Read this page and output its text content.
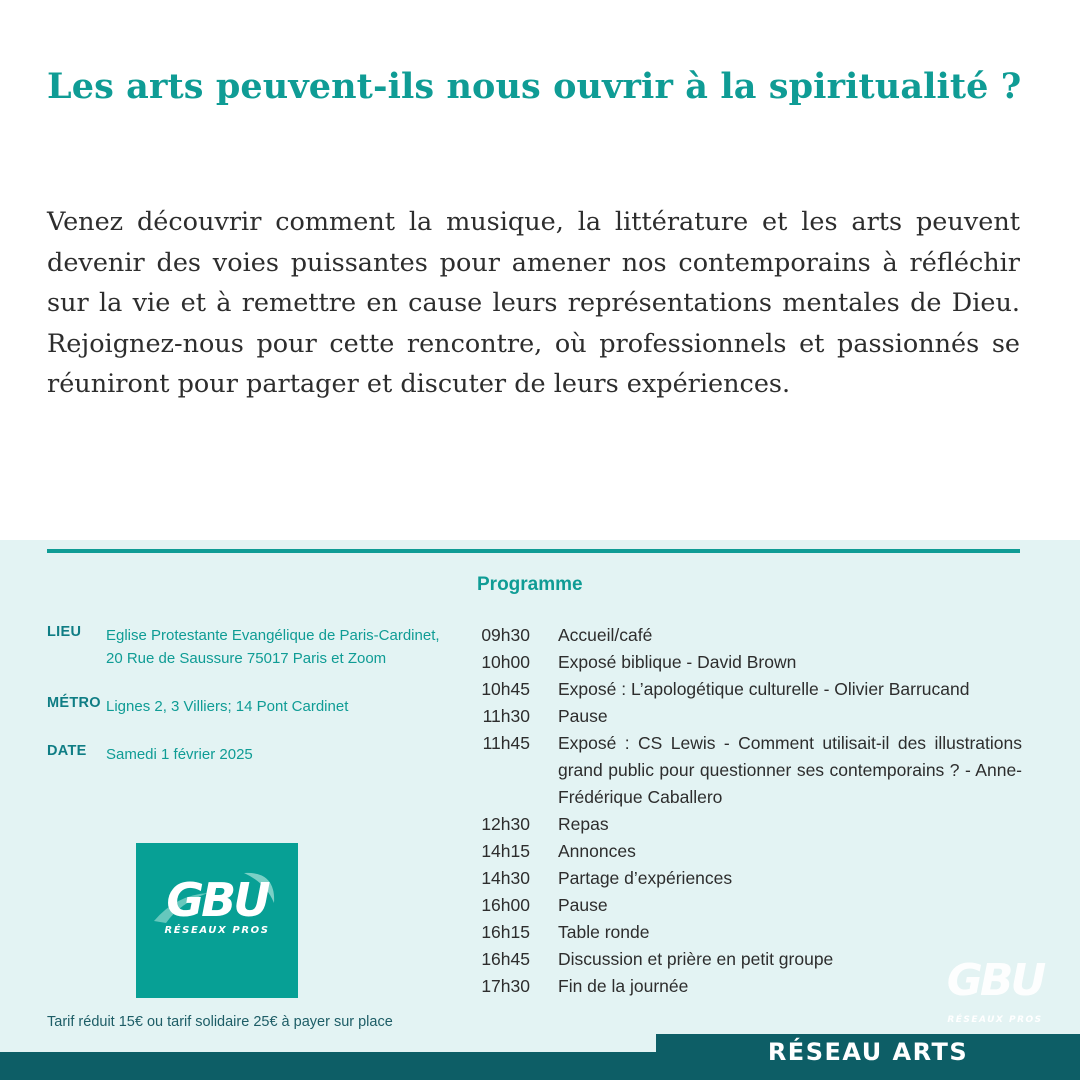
Les arts peuvent-ils nous ouvrir à la spiritualité ?

Venez découvrir comment la musique, la littérature et les arts peuvent devenir des voies puissantes pour amener nos contemporains à réfléchir sur la vie et à remettre en cause leurs représentations mentales de Dieu. Rejoignez-nous pour cette rencontre, où professionnels et passionnés se réuniront pour partager et discuter de leurs expériences.

LIEU Eglise Protestante Evangélique de Paris-Cardinet,
20 Rue de Saussure 75017 Paris et Zoom
MÉTRO Lignes 2, 3 Villiers; 14 Pont Cardinet
DATE Samedi 1 février 2025
GBU
RÉSEAUX PROS
Tarif réduit 15€ ou tarif solidaire 25€ à payer sur place
Programme
09h30 Accueil/café
10h00 Exposé biblique - David Brown
10h45 Exposé : L’apologétique culturelle - Olivier Barrucand
11h30 Pause
11h45 Exposé : CS Lewis - Comment utilisait-il des illustrations grand public pour questionner ses contemporains ? - Anne-Frédérique Caballero
12h30 Repas
14h15 Annonces
14h30 Partage d’expériences
16h00 Pause
16h15 Table ronde
16h45 Discussion et prière en petit groupe
17h30 Fin de la journée	GBU
RÉSEAUX PROS
RÉSEAU ARTS
